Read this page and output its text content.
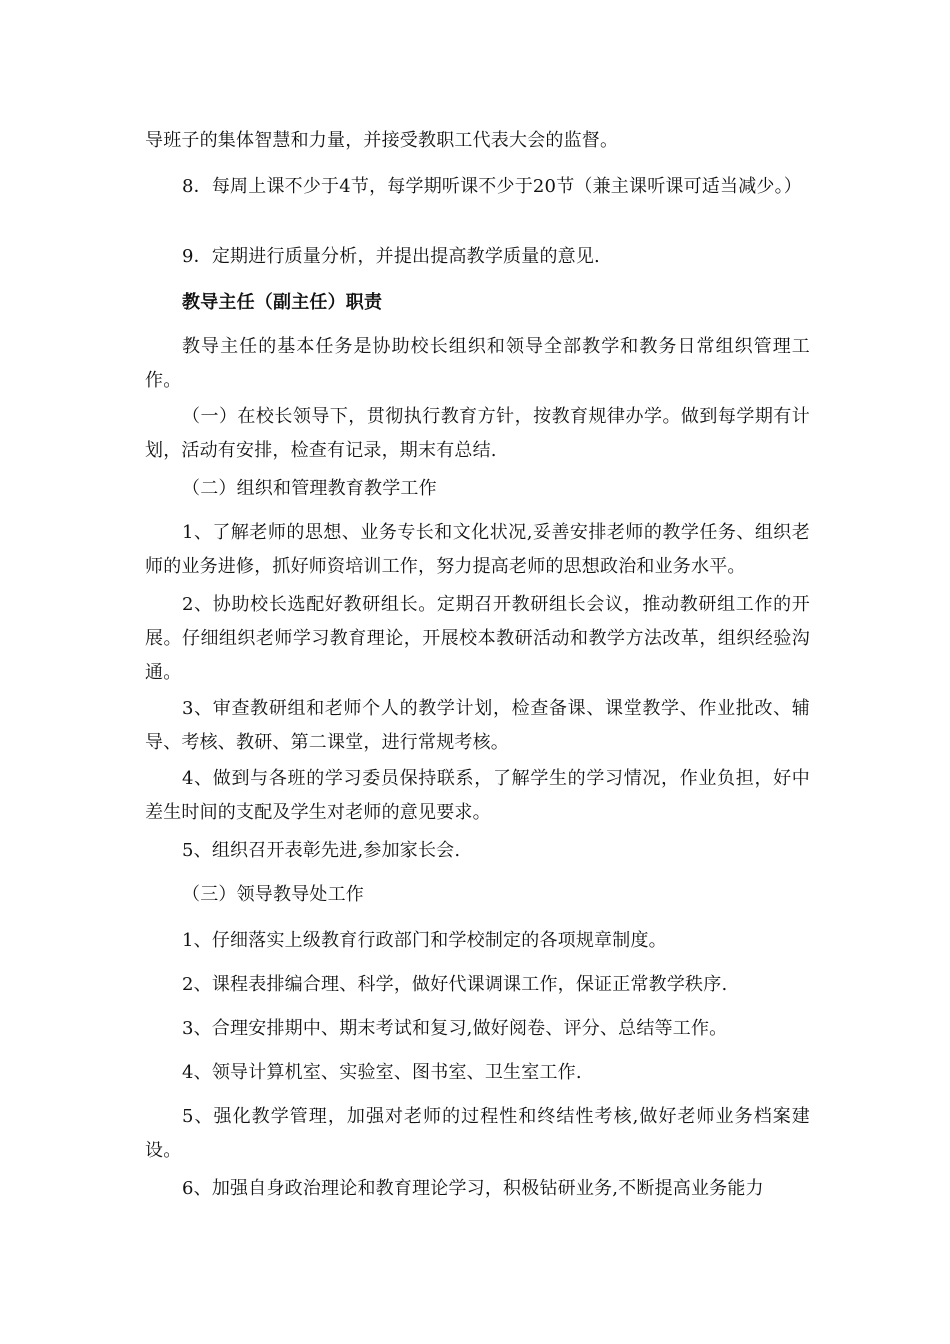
导班子的集体智慧和力量，并接受教职工代表大会的监督。

8．每周上课不少于4节，每学期听课不少于20节（兼主课听课可适当减少。）

9．定期进行质量分析，并提出提高教学质量的意见.

教导主任（副主任）职责

教导主任的基本任务是协助校长组织和领导全部教学和教务日常组织管理工作。

（一）在校长领导下，贯彻执行教育方针，按教育规律办学。做到每学期有计划，活动有安排，检查有记录，期末有总结.

（二）组织和管理教育教学工作

1、了解老师的思想、业务专长和文化状况,妥善安排老师的教学任务、组织老师的业务进修，抓好师资培训工作，努力提高老师的思想政治和业务水平。

2、协助校长选配好教研组长。定期召开教研组长会议，推动教研组工作的开展。仔细组织老师学习教育理论，开展校本教研活动和教学方法改革，组织经验沟通。

3、审查教研组和老师个人的教学计划，检查备课、课堂教学、作业批改、辅导、考核、教研、第二课堂，进行常规考核。

4、做到与各班的学习委员保持联系，了解学生的学习情况，作业负担，好中差生时间的支配及学生对老师的意见要求。

5、组织召开表彰先进,参加家长会.

（三）领导教导处工作

1、仔细落实上级教育行政部门和学校制定的各项规章制度。

2、课程表排编合理、科学，做好代课调课工作，保证正常教学秩序.

3、合理安排期中、期末考试和复习,做好阅卷、评分、总结等工作。

4、领导计算机室、实验室、图书室、卫生室工作.

5、强化教学管理，加强对老师的过程性和终结性考核,做好老师业务档案建设。

6、加强自身政治理论和教育理论学习，积极钻研业务,不断提高业务能力
